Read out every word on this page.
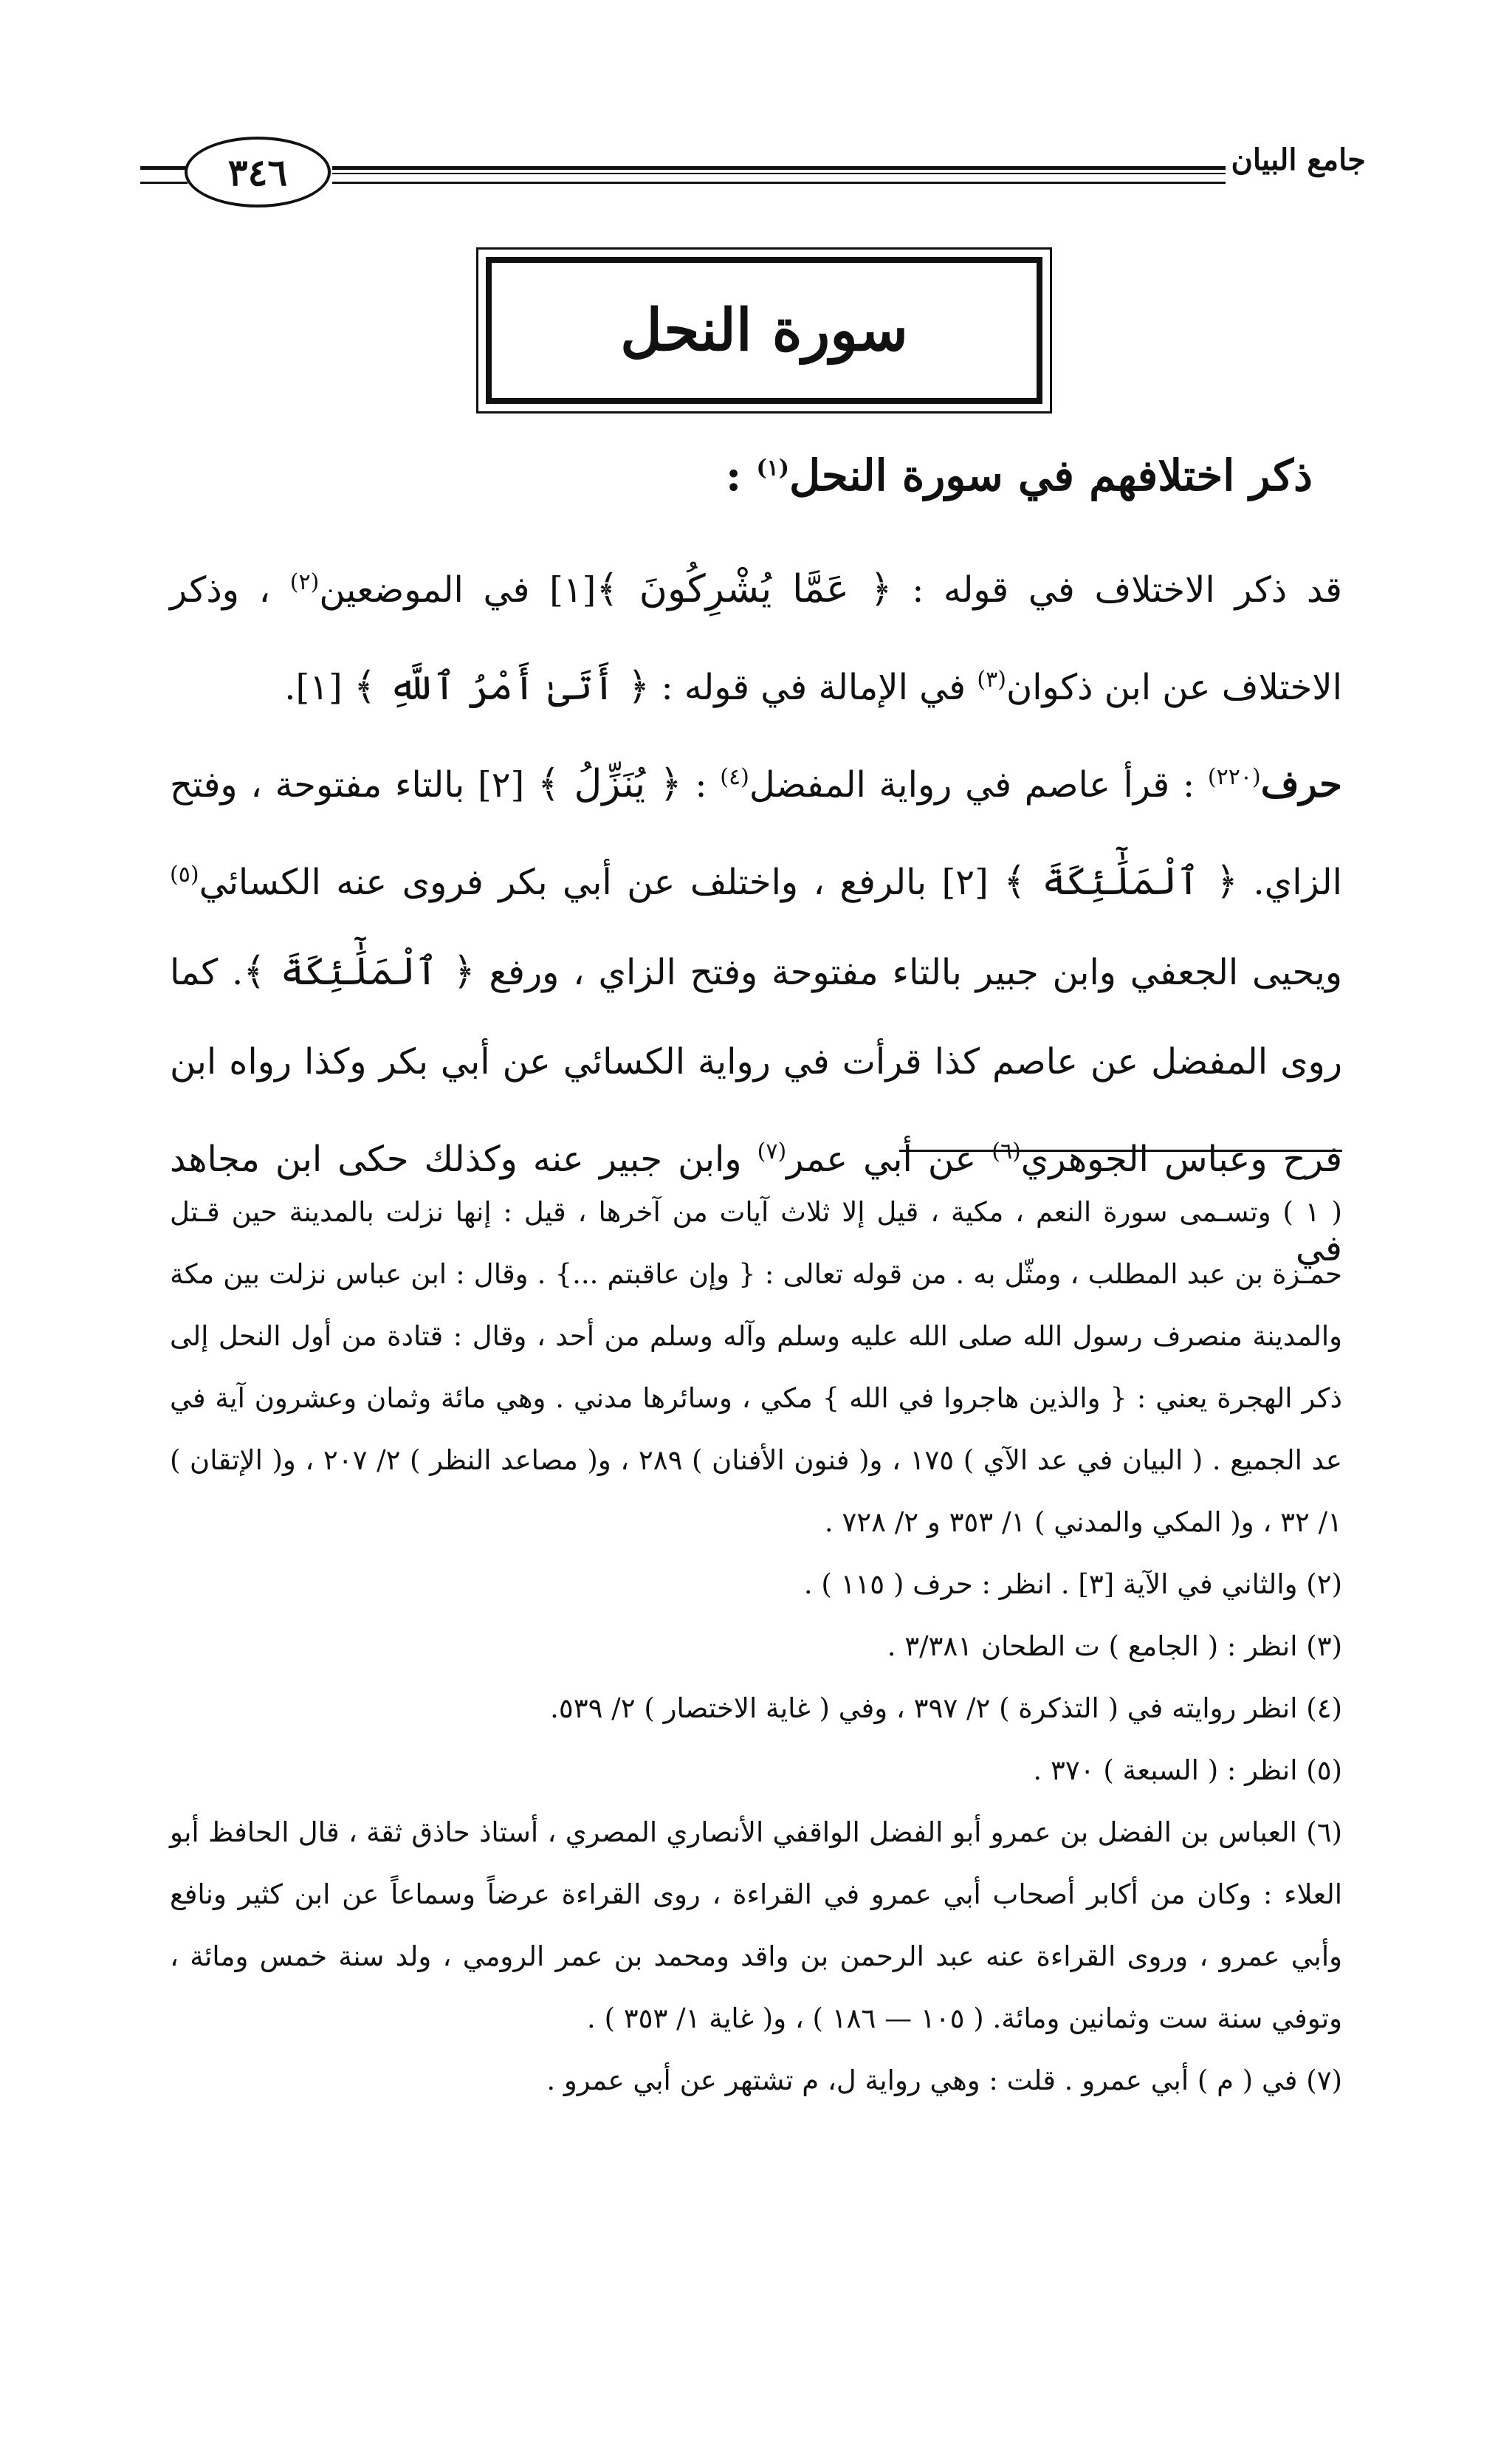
٣٤٦	جامع البيان
سورة النحل
ذكر اختلافهم في سورة النحل$^{(١)}$ :

قد ذكر الاختلاف في قوله : ﴿ عَمَّا يُشْرِكُونَ ﴾[١] في الموضعين$^{(٢)}$ ، وذكر الاختلاف عن ابن ذكوان$^{(٣)}$ في الإمالة في قوله : ﴿ أَتَىٰ أَمْرُ ٱللَّهِ ﴾ [١].

حرف$^{(٢٢٠)}$ : قرأ عاصم في رواية المفضل$^{(٤)}$ : ﴿ يُنَزِّلُ ﴾ [٢] بالتاء مفتوحة ، وفتح الزاي. ﴿ ٱلْمَلَٰٓئِكَةَ ﴾ [٢] بالرفع ، واختلف عن أبي بكر فروى عنه الكسائي$^{(٥)}$ ويحيى الجعفي وابن جبير بالتاء مفتوحة وفتح الزاي ، ورفع ﴿ ٱلْمَلَٰٓئِكَةَ ﴾. كما روى المفضل عن عاصم كذا قرأت في رواية الكسائي عن أبي بكر وكذا رواه ابن فرح وعباس الجوهري$^{(٦)}$ عن أبي عمر$^{(٧)}$ وابن جبير عنه وكذلك حكى ابن مجاهد في

( ١ ) وتسـمى سورة النعم ، مكية ، قيل إلا ثلاث آيات من آخرها ، قيل : إنها نزلت بالمدينة حين قـتل حمـزة بن عبد المطلب ، ومثّل به . من قوله تعالى : { وإن عاقبتم ...} . وقال : ابن عباس نزلت بين مكة والمدينة منصرف رسول الله صلى الله عليه وسلم وآله وسلم من أحد ، وقال : قتادة من أول النحل إلى ذكر الهجرة يعني : { والذين هاجروا في الله } مكي ، وسائرها مدني . وهي مائة وثمان وعشرون آية في عد الجميع . ( البيان في عد الآي ) ١٧٥ ، و( فنون الأفنان ) ٢٨٩ ، و( مصاعد النظر ) ٢/ ٢٠٧ ، و( الإتقان ) ١/ ٣٢ ، و( المكي والمدني ) ١/ ٣٥٣ و ٢/ ٧٢٨ .

(٢) والثاني في الآية [٣] . انظر : حرف ( ١١٥ ) .

(٣) انظر : ( الجامع ) ت الطحان ٣/٣٨١ .

(٤) انظر روايته في ( التذكرة ) ٢/ ٣٩٧ ، وفي ( غاية الاختصار ) ٢/ ٥٣٩.

(٥) انظر : ( السبعة ) ٣٧٠ .

(٦) العباس بن الفضل بن عمرو أبو الفضل الواقفي الأنصاري المصري ، أستاذ حاذق ثقة ، قال الحافظ أبو العلاء : وكان من أكابر أصحاب أبي عمرو في القراءة ، روى القراءة عرضاً وسماعاً عن ابن كثير ونافع وأبي عمرو ، وروى القراءة عنه عبد الرحمن بن واقد ومحمد بن عمر الرومي ، ولد سنة خمس ومائة ، وتوفي سنة ست وثمانين ومائة. ( ١٠٥ — ١٨٦ ) ، و( غاية ١/ ٣٥٣ ) .

(٧) في ( م ) أبي عمرو . قلت : وهي رواية ل، م تشتهر عن أبي عمرو .
